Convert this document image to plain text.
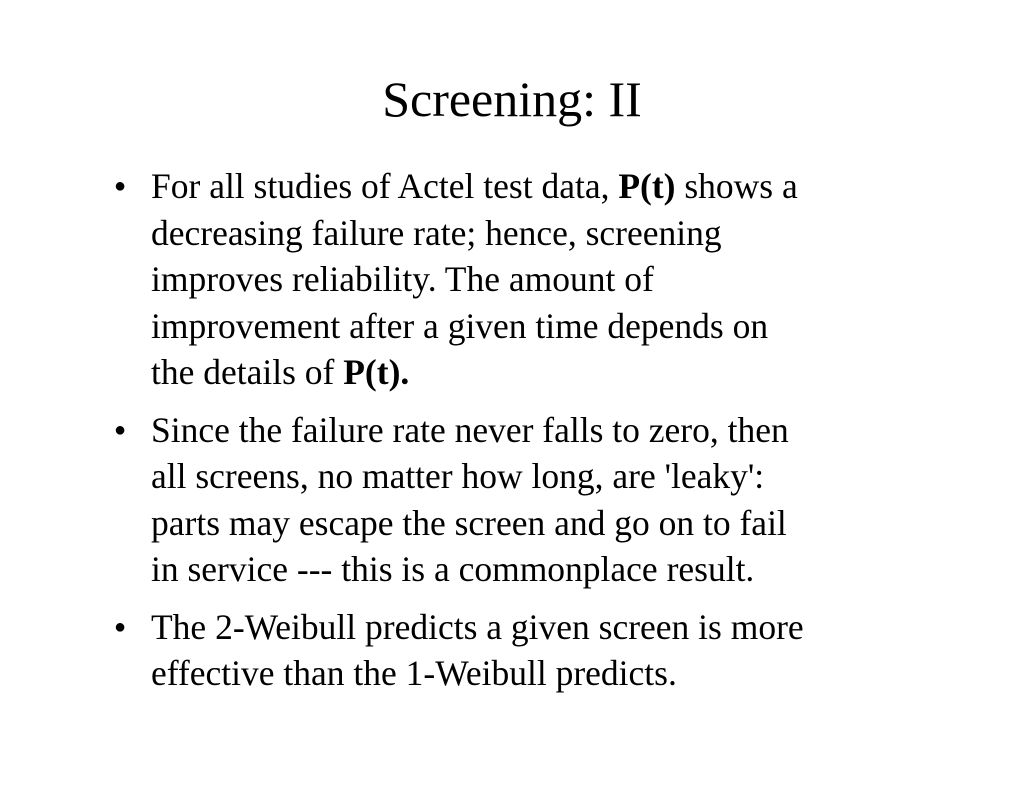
Screening: II
● For all studies of Actel test data, P(t) shows a
decreasing failure rate; hence, screening
improves reliability. The amount of
improvement after a given time depends on
the details of P(t).
● Since the failure rate never falls to zero, then
all screens, no matter how long, are 'leaky':
parts may escape the screen and go on to fail
in service --- this is a commonplace result.
● The 2-Weibull predicts a given screen is more
effective than the 1-Weibull predicts.
